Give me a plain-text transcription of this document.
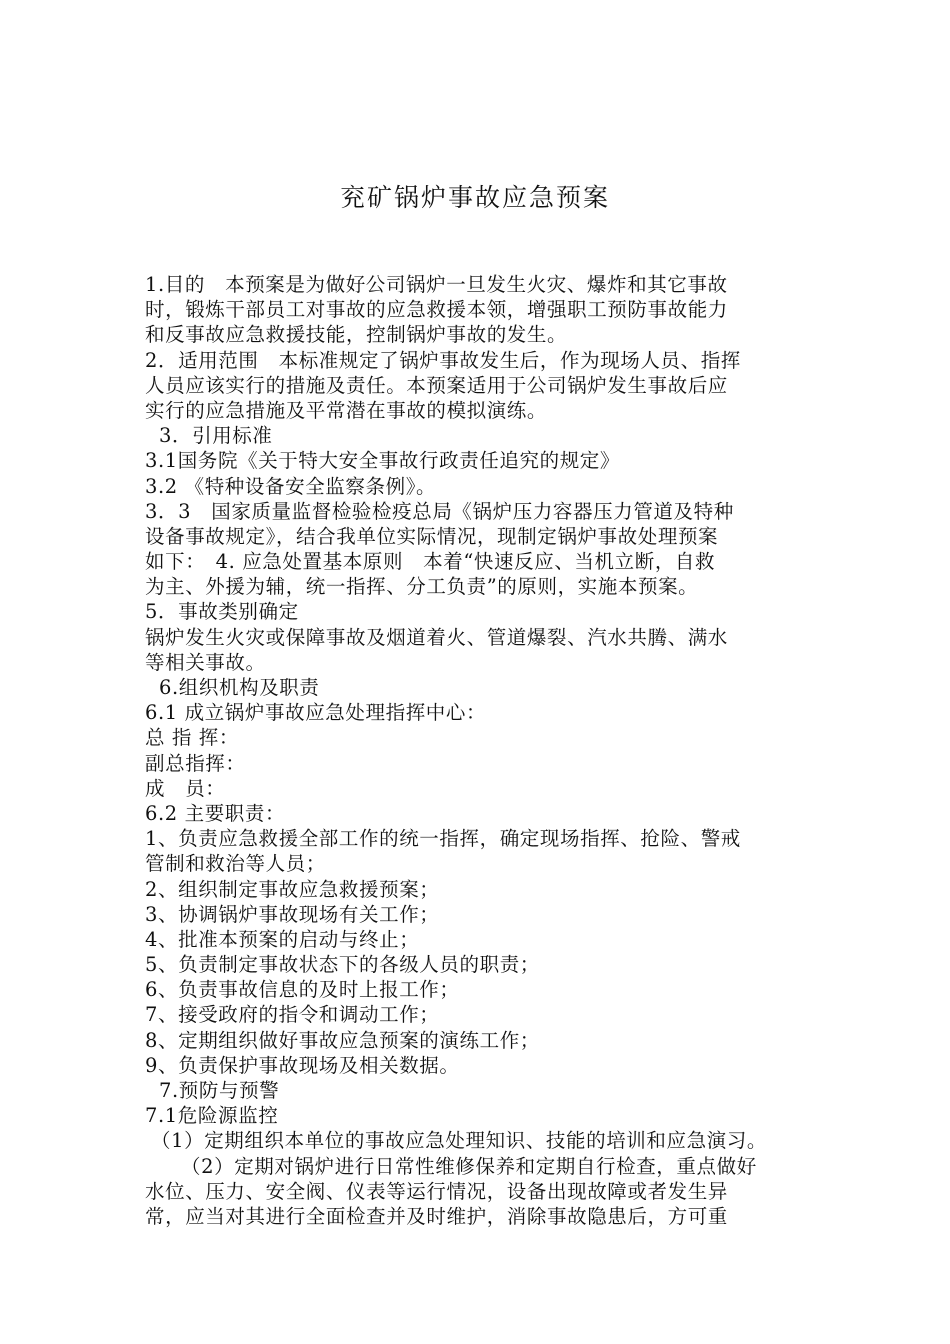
兖矿锅炉事故应急预案
1.目的　本预案是为做好公司锅炉一旦发生火灾、爆炸和其它事故
时，锻炼干部员工对事故的应急救援本领，增强职工预防事故能力
和反事故应急救援技能，控制锅炉事故的发生。
2．适用范围　本标准规定了锅炉事故发生后，作为现场人员、指挥
人员应该实行的措施及责任。本预案适用于公司锅炉发生事故后应
实行的应急措施及平常潜在事故的模拟演练。
3．引用标准
3.1国务院《关于特大安全事故行政责任追究的规定》
3.2 《特种设备安全监察条例》。
3．3　国家质量监督检验检疫总局《锅炉压力容器压力管道及特种
设备事故规定》，结合我单位实际情况，现制定锅炉事故处理预案
如下：　4. 应急处置基本原则　本着“快速反应、当机立断，自救
为主、外援为辅，统一指挥、分工负责”的原则，实施本预案。
5．事故类别确定
锅炉发生火灾或保障事故及烟道着火、管道爆裂、汽水共腾、满水
等相关事故。
6.组织机构及职责
6.1 成立锅炉事故应急处理指挥中心：
总 指 挥：
副总指挥：
成　员：
6.2 主要职责：
1、负责应急救援全部工作的统一指挥，确定现场指挥、抢险、警戒
管制和救治等人员；
2、组织制定事故应急救援预案；
3、协调锅炉事故现场有关工作；
4、批准本预案的启动与终止；
5、负责制定事故状态下的各级人员的职责；
6、负责事故信息的及时上报工作；
7、接受政府的指令和调动工作；
8、定期组织做好事故应急预案的演练工作；
9、负责保护事故现场及相关数据。
7.预防与预警
7.1危险源监控
（1）定期组织本单位的事故应急处理知识、技能的培训和应急演习。
（2）定期对锅炉进行日常性维修保养和定期自行检查，重点做好
水位、压力、安全阀、仪表等运行情况，设备出现故障或者发生异
常，应当对其进行全面检查并及时维护，消除事故隐患后，方可重
